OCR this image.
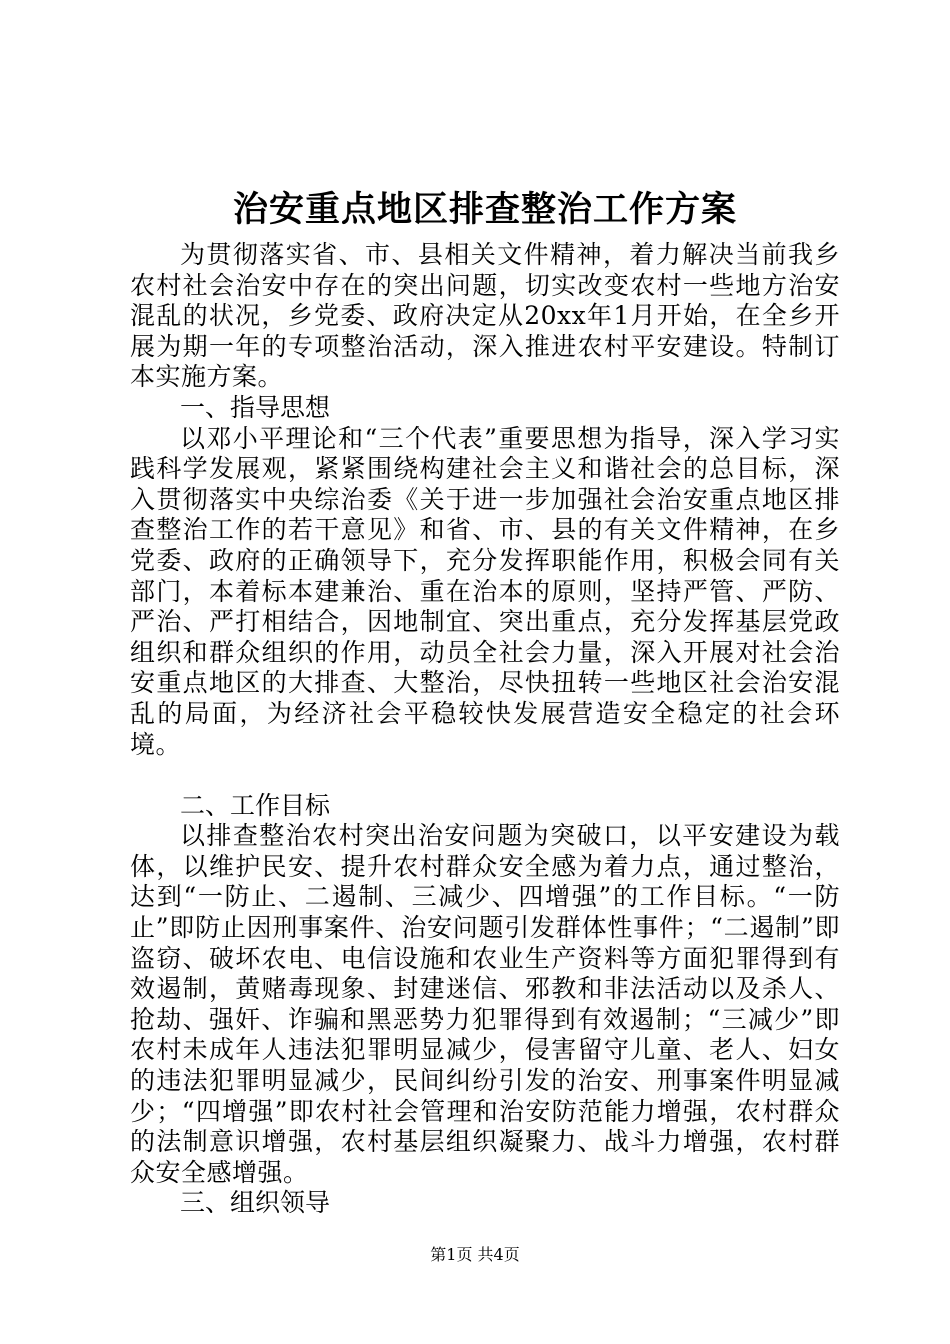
治安重点地区排查整治工作方案

为贯彻落实省、市、县相关文件精神，着力解决当前我乡农村社会治安中存在的突出问题，切实改变农村一些地方治安混乱的状况，乡党委、政府决定从20xx年1月开始，在全乡开展为期一年的专项整治活动，深入推进农村平安建设。特制订本实施方案。

一、指导思想

以邓小平理论和“三个代表”重要思想为指导，深入学习实践科学发展观，紧紧围绕构建社会主义和谐社会的总目标，深入贯彻落实中央综治委《关于进一步加强社会治安重点地区排查整治工作的若干意见》和省、市、县的有关文件精神，在乡党委、政府的正确领导下，充分发挥职能作用，积极会同有关部门，本着标本建兼治、重在治本的原则，坚持严管、严防、严治、严打相结合，因地制宜、突出重点，充分发挥基层党政组织和群众组织的作用，动员全社会力量，深入开展对社会治安重点地区的大排查、大整治，尽快扭转一些地区社会治安混乱的局面，为经济社会平稳较快发展营造安全稳定的社会环境。

二、工作目标

以排查整治农村突出治安问题为突破口，以平安建设为载体，以维护民安、提升农村群众安全感为着力点，通过整治，达到“一防止、二遏制、三减少、四增强”的工作目标。“一防止”即防止因刑事案件、治安问题引发群体性事件；“二遏制”即盗窃、破坏农电、电信设施和农业生产资料等方面犯罪得到有效遏制，黄赌毒现象、封建迷信、邪教和非法活动以及杀人、抢劫、强奸、诈骗和黑恶势力犯罪得到有效遏制；“三减少”即农村未成年人违法犯罪明显减少，侵害留守儿童、老人、妇女的违法犯罪明显减少，民间纠纷引发的治安、刑事案件明显减少；“四增强”即农村社会管理和治安防范能力增强，农村群众的法制意识增强，农村基层组织凝聚力、战斗力增强，农村群众安全感增强。

三、组织领导

第1页 共4页
